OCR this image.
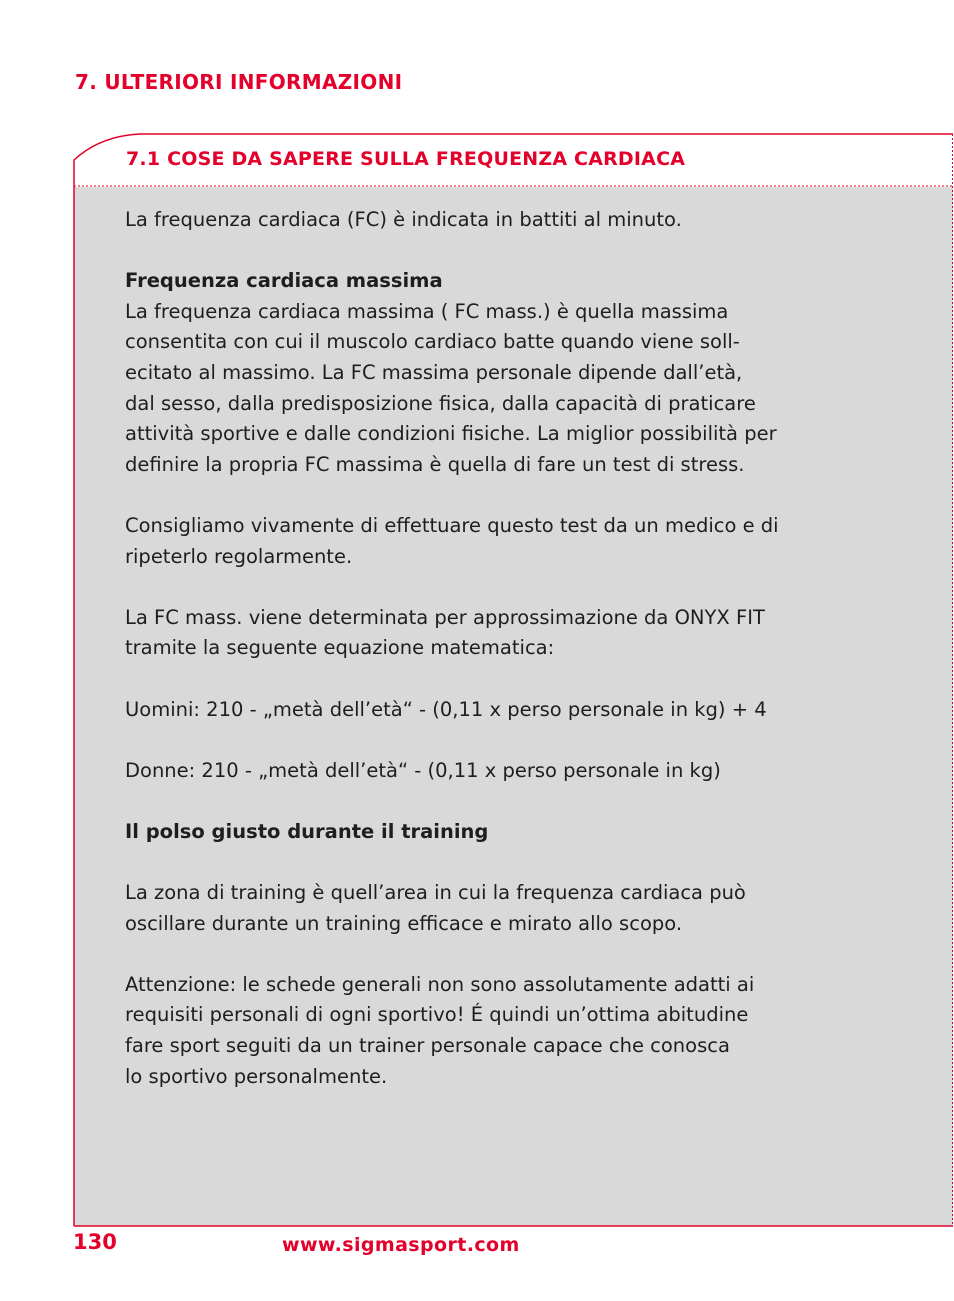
7. ULTERIORI INFORMAZIONI
7.1 COSE DA SAPERE SULLA FREQUENZA CARDIACA

La frequenza cardiaca (FC) è indicata in battiti al minuto.

Frequenza cardiaca massima

La frequenza cardiaca massima ( FC mass.) è quella massima
consentita con cui il muscolo cardiaco batte quando viene soll-
ecitato al massimo. La FC massima personale dipende dall’età,
dal sesso, dalla predisposizione fisica, dalla capacità di praticare
attività sportive e dalle condizioni fisiche. La miglior possibilità per
definire la propria FC massima è quella di fare un test di stress.

Consigliamo vivamente di effettuare questo test da un medico e di
ripeterlo regolarmente.

La FC mass. viene determinata per approssimazione da ONYX FIT
tramite la seguente equazione matematica:

Uomini: 210 - „metà dell’età“ - (0,11 x perso personale in kg) + 4

Donne: 210 - „metà dell’età“ - (0,11 x perso personale in kg)

Il polso giusto durante il training

La zona di training è quell’area in cui la frequenza cardiaca può
oscillare durante un training efficace e mirato allo scopo.

Attenzione: le schede generali non sono assolutamente adatti ai
requisiti personali di ogni sportivo! É quindi un’ottima abitudine
fare sport seguiti da un trainer personale capace che conosca
lo sportivo personalmente.

130	www.sigmasport.com
